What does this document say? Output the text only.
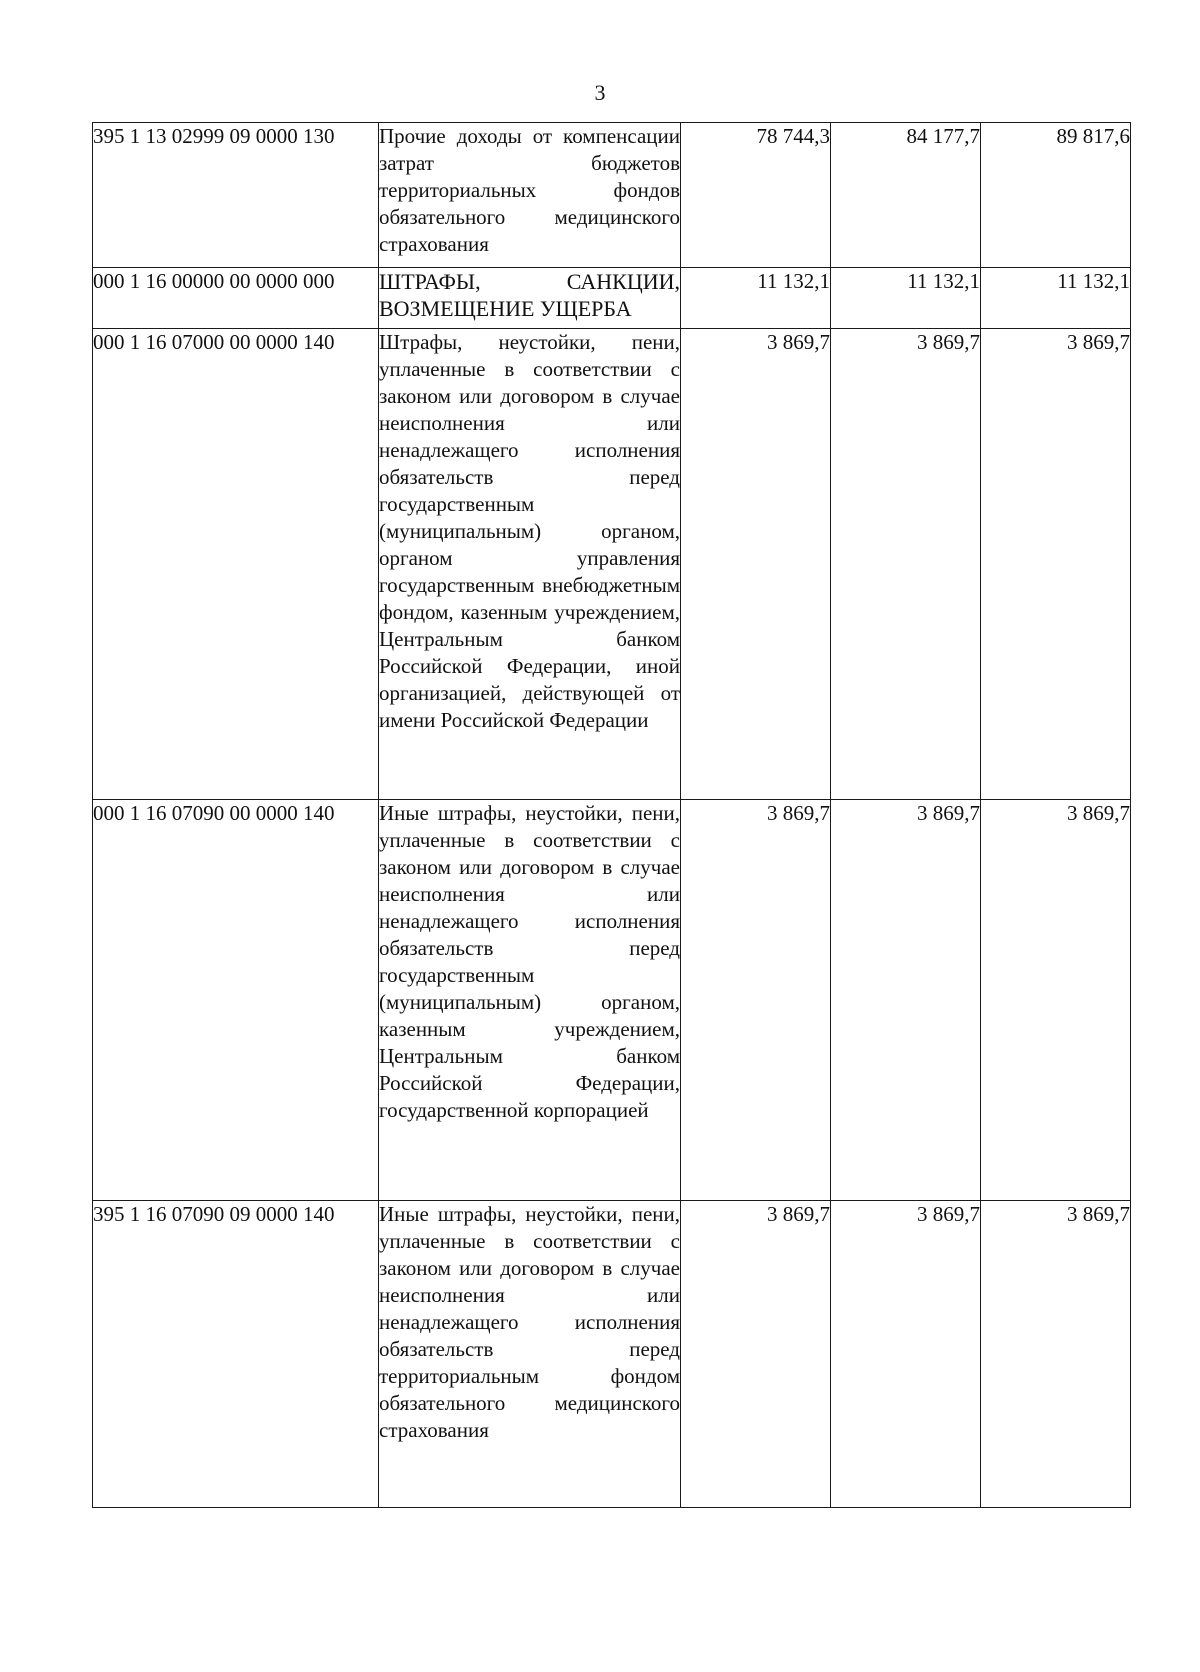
3
395 1 13 02999 09 0000 130	Прочие доходы от компенсации затрат бюджетов территориальных фондов обязательного медицинского страхования	78 744,3	84 177,7	89 817,6
000 1 16 00000 00 0000 000	ШТРАФЫ, САНКЦИИ, ВОЗМЕЩЕНИЕ УЩЕРБА	11 132,1	11 132,1	11 132,1
000 1 16 07000 00 0000 140	Штрафы, неустойки, пени, уплаченные в соответствии с законом или договором в случае неисполнения или ненадлежащего исполнения обязательств перед государственным (муниципальным) органом, органом управления государственным внебюджетным фондом, казенным учреждением, Центральным банком Российской Федерации, иной организацией, действующей от имени Российской Федерации	3 869,7	3 869,7	3 869,7
000 1 16 07090 00 0000 140	Иные штрафы, неустойки, пени, уплаченные в соответствии с законом или договором в случае неисполнения или ненадлежащего исполнения обязательств перед государственным (муниципальным) органом, казенным учреждением, Центральным банком Российской Федерации, государственной корпорацией	3 869,7	3 869,7	3 869,7
395 1 16 07090 09 0000 140	Иные штрафы, неустойки, пени, уплаченные в соответствии с законом или договором в случае неисполнения или ненадлежащего исполнения обязательств перед территориальным фондом обязательного медицинского страхования	3 869,7	3 869,7	3 869,7
